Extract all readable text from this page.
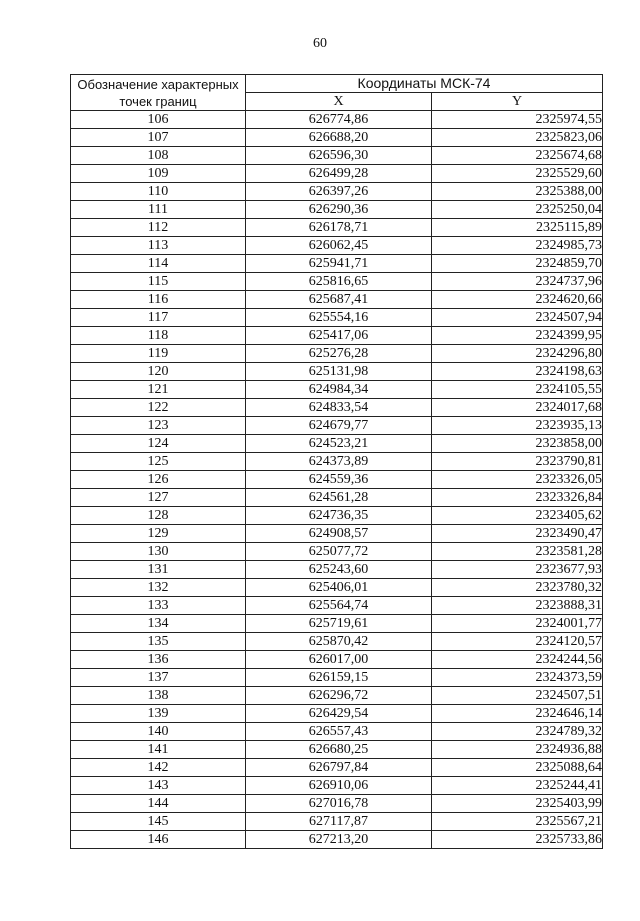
60
Обозначение характерных точек границ	Координаты МСК-74	
	X	Y
106	626774,86	2325974,55
107	626688,20	2325823,06
108	626596,30	2325674,68
109	626499,28	2325529,60
110	626397,26	2325388,00
111	626290,36	2325250,04
112	626178,71	2325115,89
113	626062,45	2324985,73
114	625941,71	2324859,70
115	625816,65	2324737,96
116	625687,41	2324620,66
117	625554,16	2324507,94
118	625417,06	2324399,95
119	625276,28	2324296,80
120	625131,98	2324198,63
121	624984,34	2324105,55
122	624833,54	2324017,68
123	624679,77	2323935,13
124	624523,21	2323858,00
125	624373,89	2323790,81
126	624559,36	2323326,05
127	624561,28	2323326,84
128	624736,35	2323405,62
129	624908,57	2323490,47
130	625077,72	2323581,28
131	625243,60	2323677,93
132	625406,01	2323780,32
133	625564,74	2323888,31
134	625719,61	2324001,77
135	625870,42	2324120,57
136	626017,00	2324244,56
137	626159,15	2324373,59
138	626296,72	2324507,51
139	626429,54	2324646,14
140	626557,43	2324789,32
141	626680,25	2324936,88
142	626797,84	2325088,64
143	626910,06	2325244,41
144	627016,78	2325403,99
145	627117,87	2325567,21
146	627213,20	2325733,86
